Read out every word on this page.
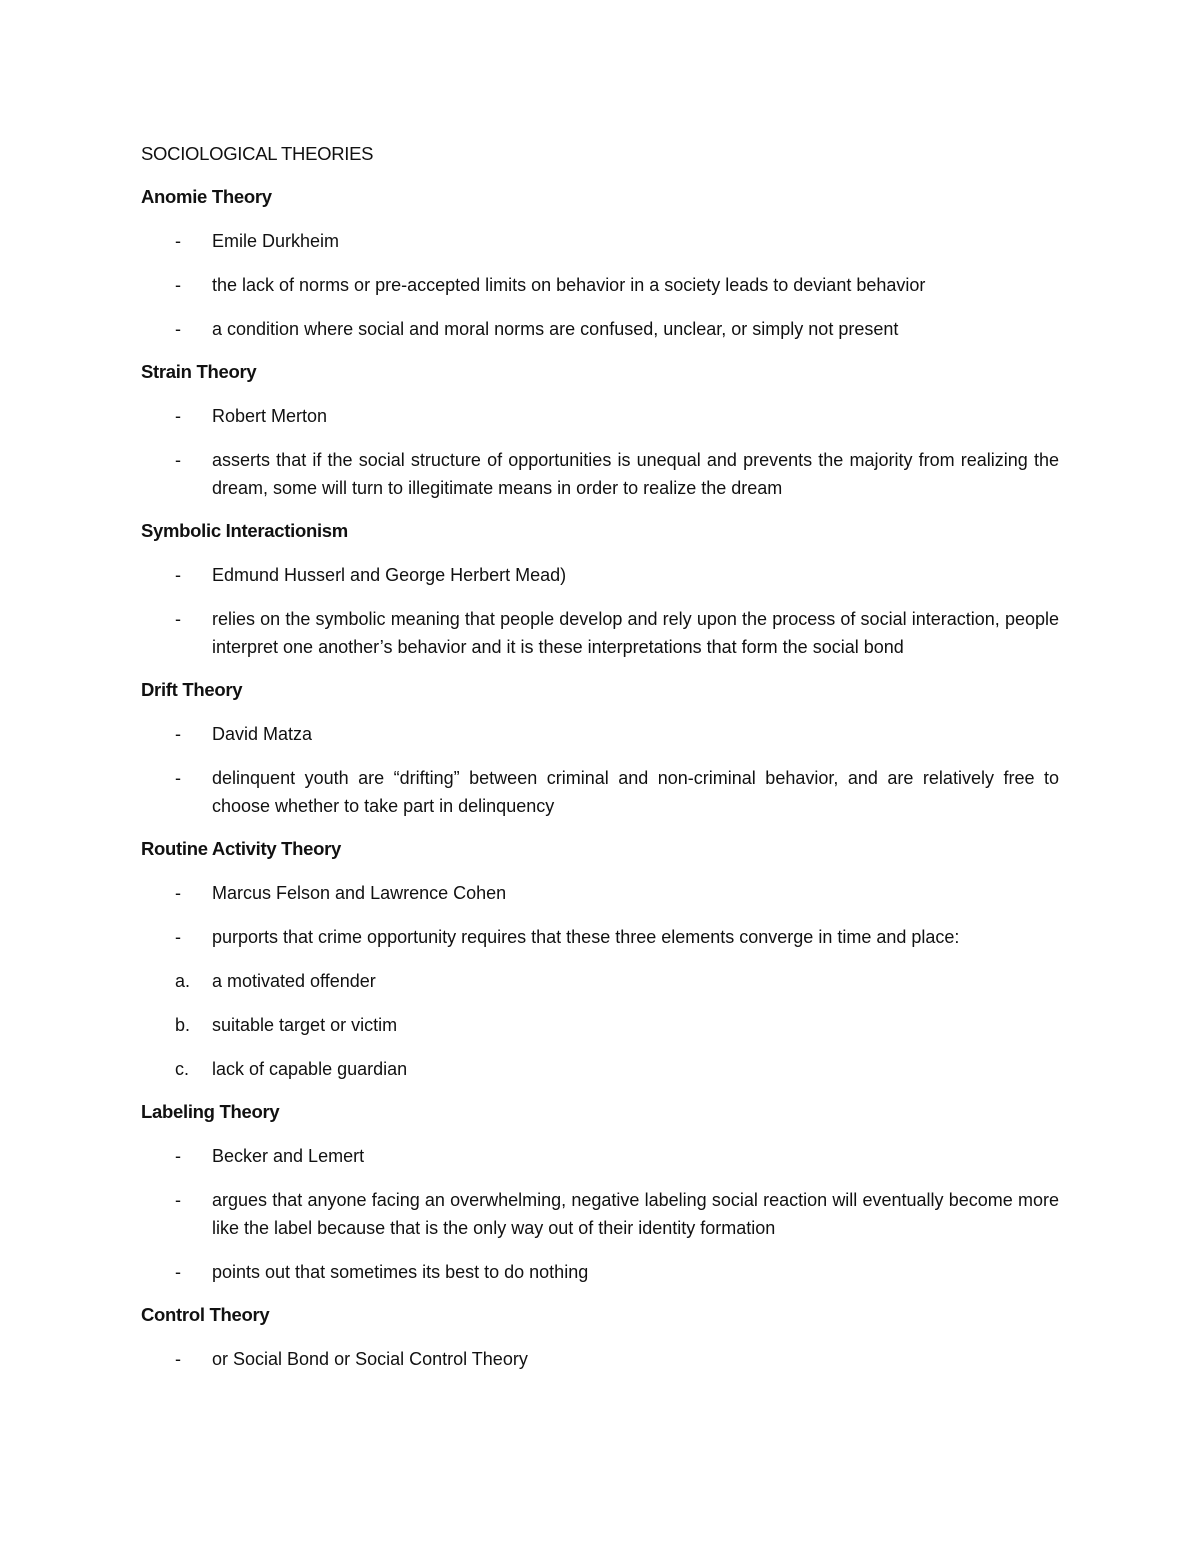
SOCIOLOGICAL THEORIES
Anomie Theory
- Emile Durkheim
- the lack of norms or pre-accepted limits on behavior in a society leads to deviant behavior
- a condition where social and moral norms are confused, unclear, or simply not present
Strain Theory
- Robert Merton
- asserts that if the social structure of opportunities is unequal and prevents the majority from realizing the dream, some will turn to illegitimate means in order to realize the dream
Symbolic Interactionism
- Edmund Husserl and George Herbert Mead)
- relies on the symbolic meaning that people develop and rely upon the process of social interaction, people interpret one another’s behavior and it is these interpretations that form the social bond
Drift Theory
- David Matza
- delinquent youth are “drifting” between criminal and non-criminal behavior, and are relatively free to choose whether to take part in delinquency
Routine Activity Theory
- Marcus Felson and Lawrence Cohen
- purports that crime opportunity requires that these three elements converge in time and place:
a. a motivated offender
b. suitable target or victim
c. lack of capable guardian
Labeling Theory
- Becker and Lemert
- argues that anyone facing an overwhelming, negative labeling social reaction will eventually become more like the label because that is the only way out of their identity formation
- points out that sometimes its best to do nothing
Control Theory
- or Social Bond or Social Control Theory
